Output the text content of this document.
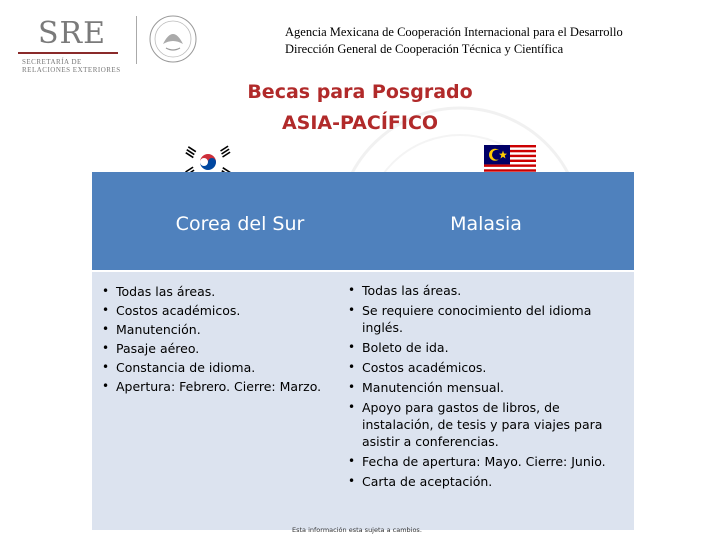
SRE
SECRETARÍA DE
RELACIONES EXTERIORES
Agencia Mexicana de Cooperación Internacional para el Desarrollo
Dirección General de Cooperación Técnica y Científica
Becas para Posgrado
ASIA-PACÍFICO
Corea del Sur
• Todas las áreas.
• Costos académicos.
• Manutención.
• Pasaje aéreo.
• Constancia de idioma.
• Apertura: Febrero. Cierre: Marzo.
Malasia
• Todas las áreas.
• Se requiere conocimiento del idioma inglés.
• Boleto de ida.
• Costos académicos.
• Manutención mensual.
• Apoyo para gastos de libros, de instalación, de tesis y para viajes para asistir a conferencias.
• Fecha de apertura: Mayo. Cierre: Junio.
• Carta de aceptación.
Esta información esta sujeta a cambios.
